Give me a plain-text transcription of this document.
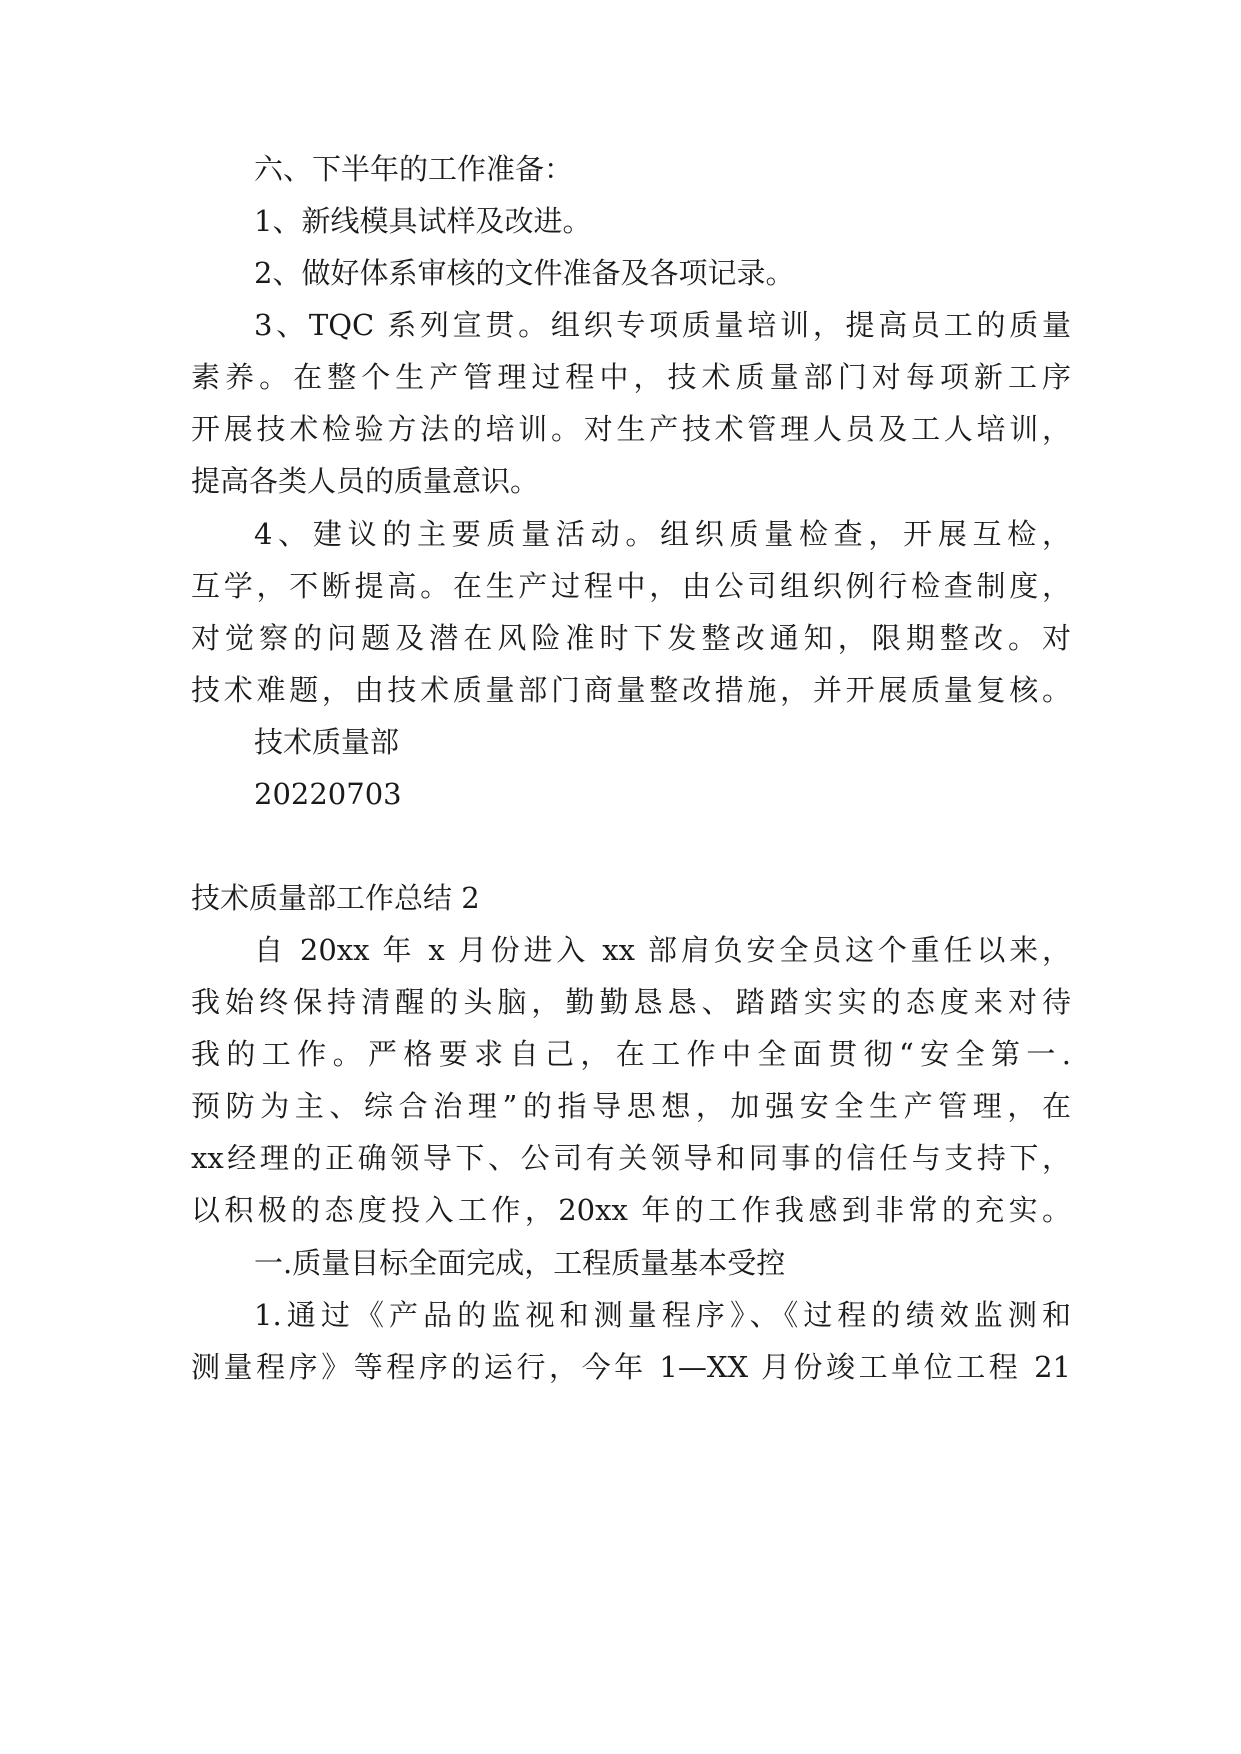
六、下半年的工作准备：
1、新线模具试样及改进。
2、做好体系审核的文件准备及各项记录。
3、TQC 系列宣贯。组织专项质量培训，提高员工的质量
素养。在整个生产管理过程中，技术质量部门对每项新工序
开展技术检验方法的培训。对生产技术管理人员及工人培训，
提高各类人员的质量意识。
4、建议的主要质量活动。组织质量检查，开展互检，
互学，不断提高。在生产过程中，由公司组织例行检查制度，
对觉察的问题及潜在风险准时下发整改通知，限期整改。对
技术难题，由技术质量部门商量整改措施，并开展质量复核。
技术质量部
20220703
技术质量部工作总结 2
自 20xx 年 x 月份进入 xx 部肩负安全员这个重任以来，
我始终保持清醒的头脑，勤勤恳恳、踏踏实实的态度来对待
我的工作。严格要求自己，在工作中全面贯彻“安全第一.
预防为主、综合治理”的指导思想，加强安全生产管理，在
xx经理的正确领导下、公司有关领导和同事的信任与支持下，
以积极的态度投入工作，20xx 年的工作我感到非常的充实。
一.质量目标全面完成，工程质量基本受控
1.通过《产品的监视和测量程序》、《过程的绩效监测和
测量程序》等程序的运行，今年 1—XX 月份竣工单位工程 21
